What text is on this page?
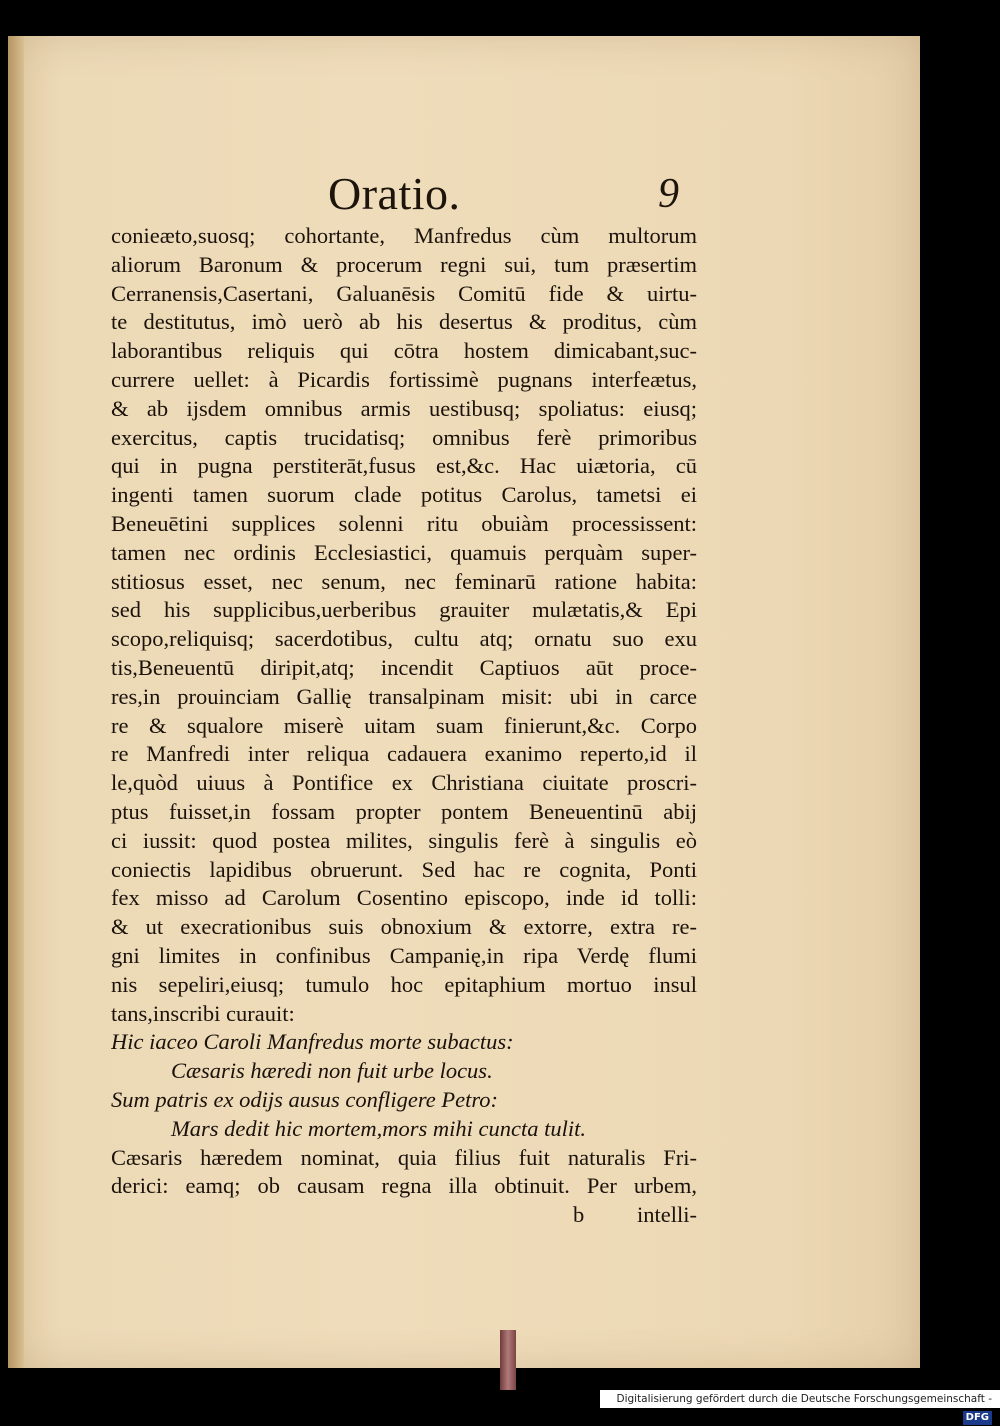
Oratio.	9
conieæto,suosq; cohortante, Manfredus cùm multorum
aliorum Baronum & procerum regni sui, tum præsertim
Cerranensis,Casertani, Galuanēsis Comitū fide & uirtu-
te destitutus, imò uerò ab his desertus & proditus, cùm
laborantibus reliquis qui cōtra hostem dimicabant,suc-
currere uellet: à Picardis fortissimè pugnans interfeætus,
& ab ijsdem omnibus armis uestibusq; spoliatus: eiusq;
exercitus, captis trucidatisq; omnibus ferè primoribus
qui in pugna perstiterāt,fusus est,&c. Hac uiætoria, cū
ingenti tamen suorum clade potitus Carolus, tametsi ei
Beneuētini supplices solenni ritu obuiàm processissent:
tamen nec ordinis Ecclesiastici, quamuis perquàm super-
stitiosus esset, nec senum, nec feminarū ratione habita:
sed his supplicibus,uerberibus grauiter mulætatis,& Epi
scopo,reliquisq; sacerdotibus, cultu atq; ornatu suo exu
tis,Beneuentū diripit,atq; incendit Captiuos aūt proce-
res,in prouinciam Gallię transalpinam misit: ubi in carce
re & squalore miserè uitam suam finierunt,&c. Corpo
re Manfredi inter reliqua cadauera exanimo reperto,id il
le,quòd uiuus à Pontifice ex Christiana ciuitate proscri-
ptus fuisset,in fossam propter pontem Beneuentinū abij
ci iussit: quod postea milites, singulis ferè à singulis eò
coniectis lapidibus obruerunt. Sed hac re cognita, Ponti
fex misso ad Carolum Cosentino episcopo, inde id tolli:
& ut execrationibus suis obnoxium & extorre, extra re-
gni limites in confinibus Campanię,in ripa Verdę flumi
nis sepeliri,eiusq; tumulo hoc epitaphium mortuo insul
tans,inscribi curauit:
Hic iaceo Caroli Manfredus morte subactus:
Cæsaris hæredi non fuit urbe locus.
Sum patris ex odijs ausus confligere Petro:
Mars dedit hic mortem,mors mihi cuncta tulit.
Cæsaris hæredem nominat, quia filius fuit naturalis Fri-
derici: eamq; ob causam regna illa obtinuit. Per urbem,
b intelli-
Digitalisierung gefördert durch die Deutsche Forschungsgemeinschaft -DFG
